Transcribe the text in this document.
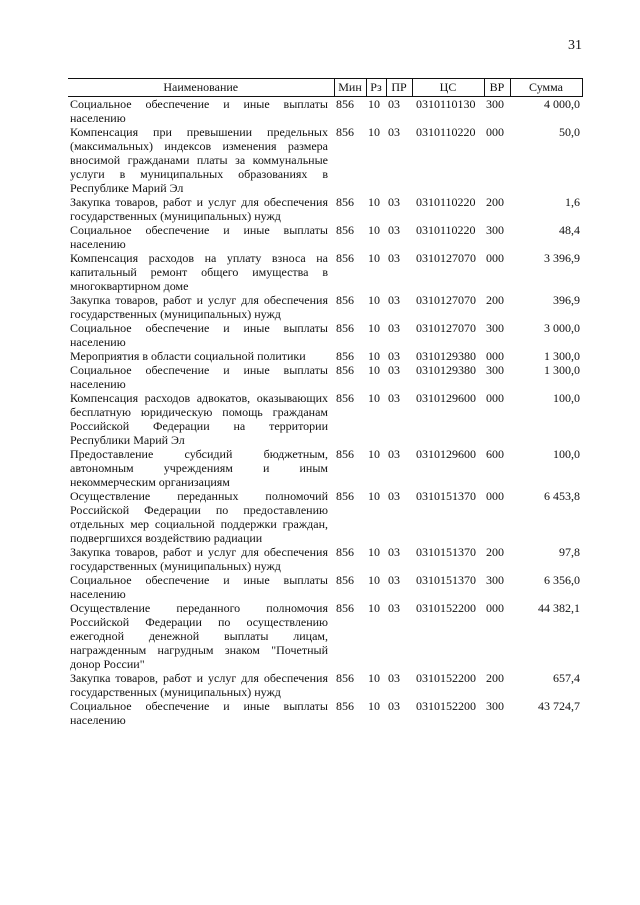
31
Наименование	Мин	Рз	ПР	ЦС	ВР	Сумма
Социальное обеспечение и иные выплаты населению	856	10	03	0310110130	300	4 000,0
Компенсация при превышении предельных (максимальных) индексов изменения размера вносимой гражданами платы за коммунальные услуги в муниципальных образованиях в Республике Марий Эл	856	10	03	0310110220	000	50,0
Закупка товаров, работ и услуг для обеспечения государственных (муниципальных) нужд	856	10	03	0310110220	200	1,6
Социальное обеспечение и иные выплаты населению	856	10	03	0310110220	300	48,4
Компенсация расходов на уплату взноса на капитальный ремонт общего имущества в многоквартирном доме	856	10	03	0310127070	000	3 396,9
Закупка товаров, работ и услуг для обеспечения государственных (муниципальных) нужд	856	10	03	0310127070	200	396,9
Социальное обеспечение и иные выплаты населению	856	10	03	0310127070	300	3 000,0
Мероприятия в области социальной политики	856	10	03	0310129380	000	1 300,0
Социальное обеспечение и иные выплаты населению	856	10	03	0310129380	300	1 300,0
Компенсация расходов адвокатов, оказывающих бесплатную юридическую помощь гражданам Российской Федерации на территории Республики Марий Эл	856	10	03	0310129600	000	100,0
Предоставление субсидий бюджетным, автономным учреждениям и иным некоммерческим организациям	856	10	03	0310129600	600	100,0
Осуществление переданных полномочий Российской Федерации по предоставлению отдельных мер социальной поддержки граждан, подвергшихся воздействию радиации	856	10	03	0310151370	000	6 453,8
Закупка товаров, работ и услуг для обеспечения государственных (муниципальных) нужд	856	10	03	0310151370	200	97,8
Социальное обеспечение и иные выплаты населению	856	10	03	0310151370	300	6 356,0
Осуществление переданного полномочия Российской Федерации по осуществлению ежегодной денежной выплаты лицам, награжденным нагрудным знаком "Почетный донор России"	856	10	03	0310152200	000	44 382,1
Закупка товаров, работ и услуг для обеспечения государственных (муниципальных) нужд	856	10	03	0310152200	200	657,4
Социальное обеспечение и иные выплаты населению	856	10	03	0310152200	300	43 724,7
